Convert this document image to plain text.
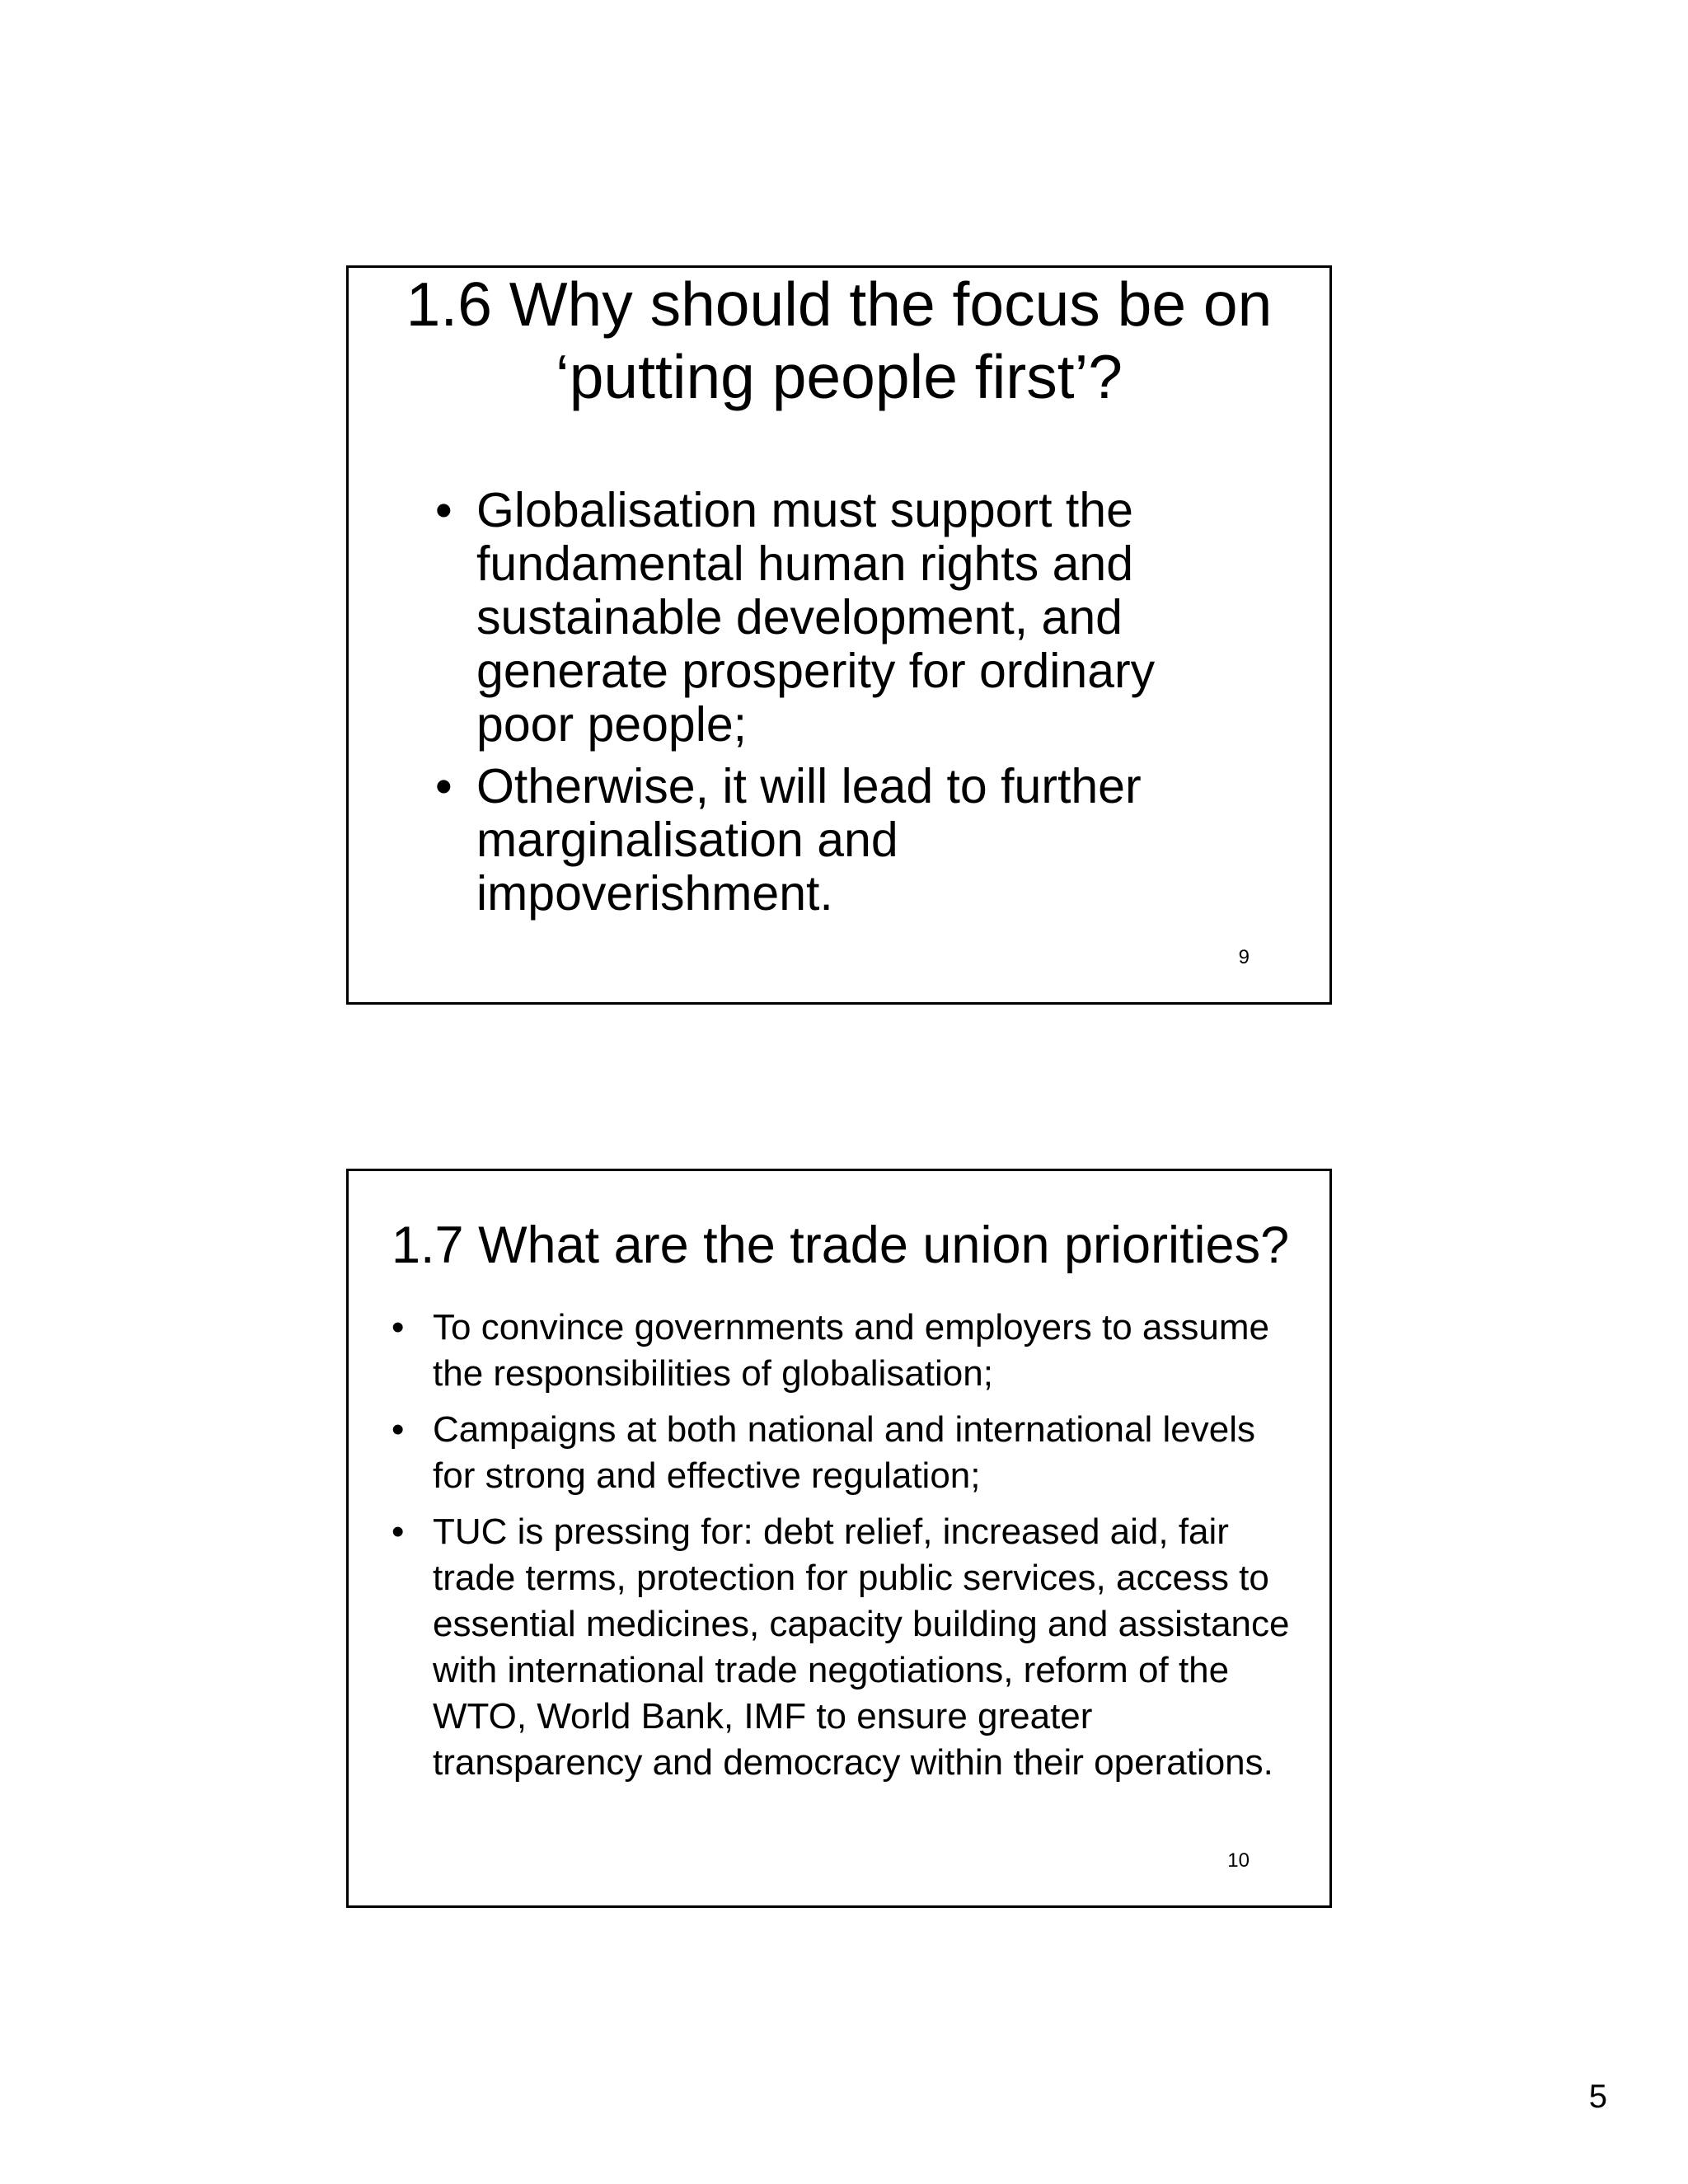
1.6 Why should the focus be on
‘putting people first’?
• Globalisation must support the fundamental human rights and sustainable development, and generate prosperity for ordinary poor people;
• Otherwise, it will lead to further marginalisation and impoverishment.
9
1.7 What are the trade union priorities?
• To convince governments and employers to assume the responsibilities of globalisation;
• Campaigns at both national and international levels for strong and effective regulation;
• TUC is pressing for: debt relief, increased aid, fair trade terms, protection for public services, access to essential medicines, capacity building and assistance with international trade negotiations, reform of the WTO, World Bank, IMF to ensure greater transparency and democracy within their operations.
10
5
